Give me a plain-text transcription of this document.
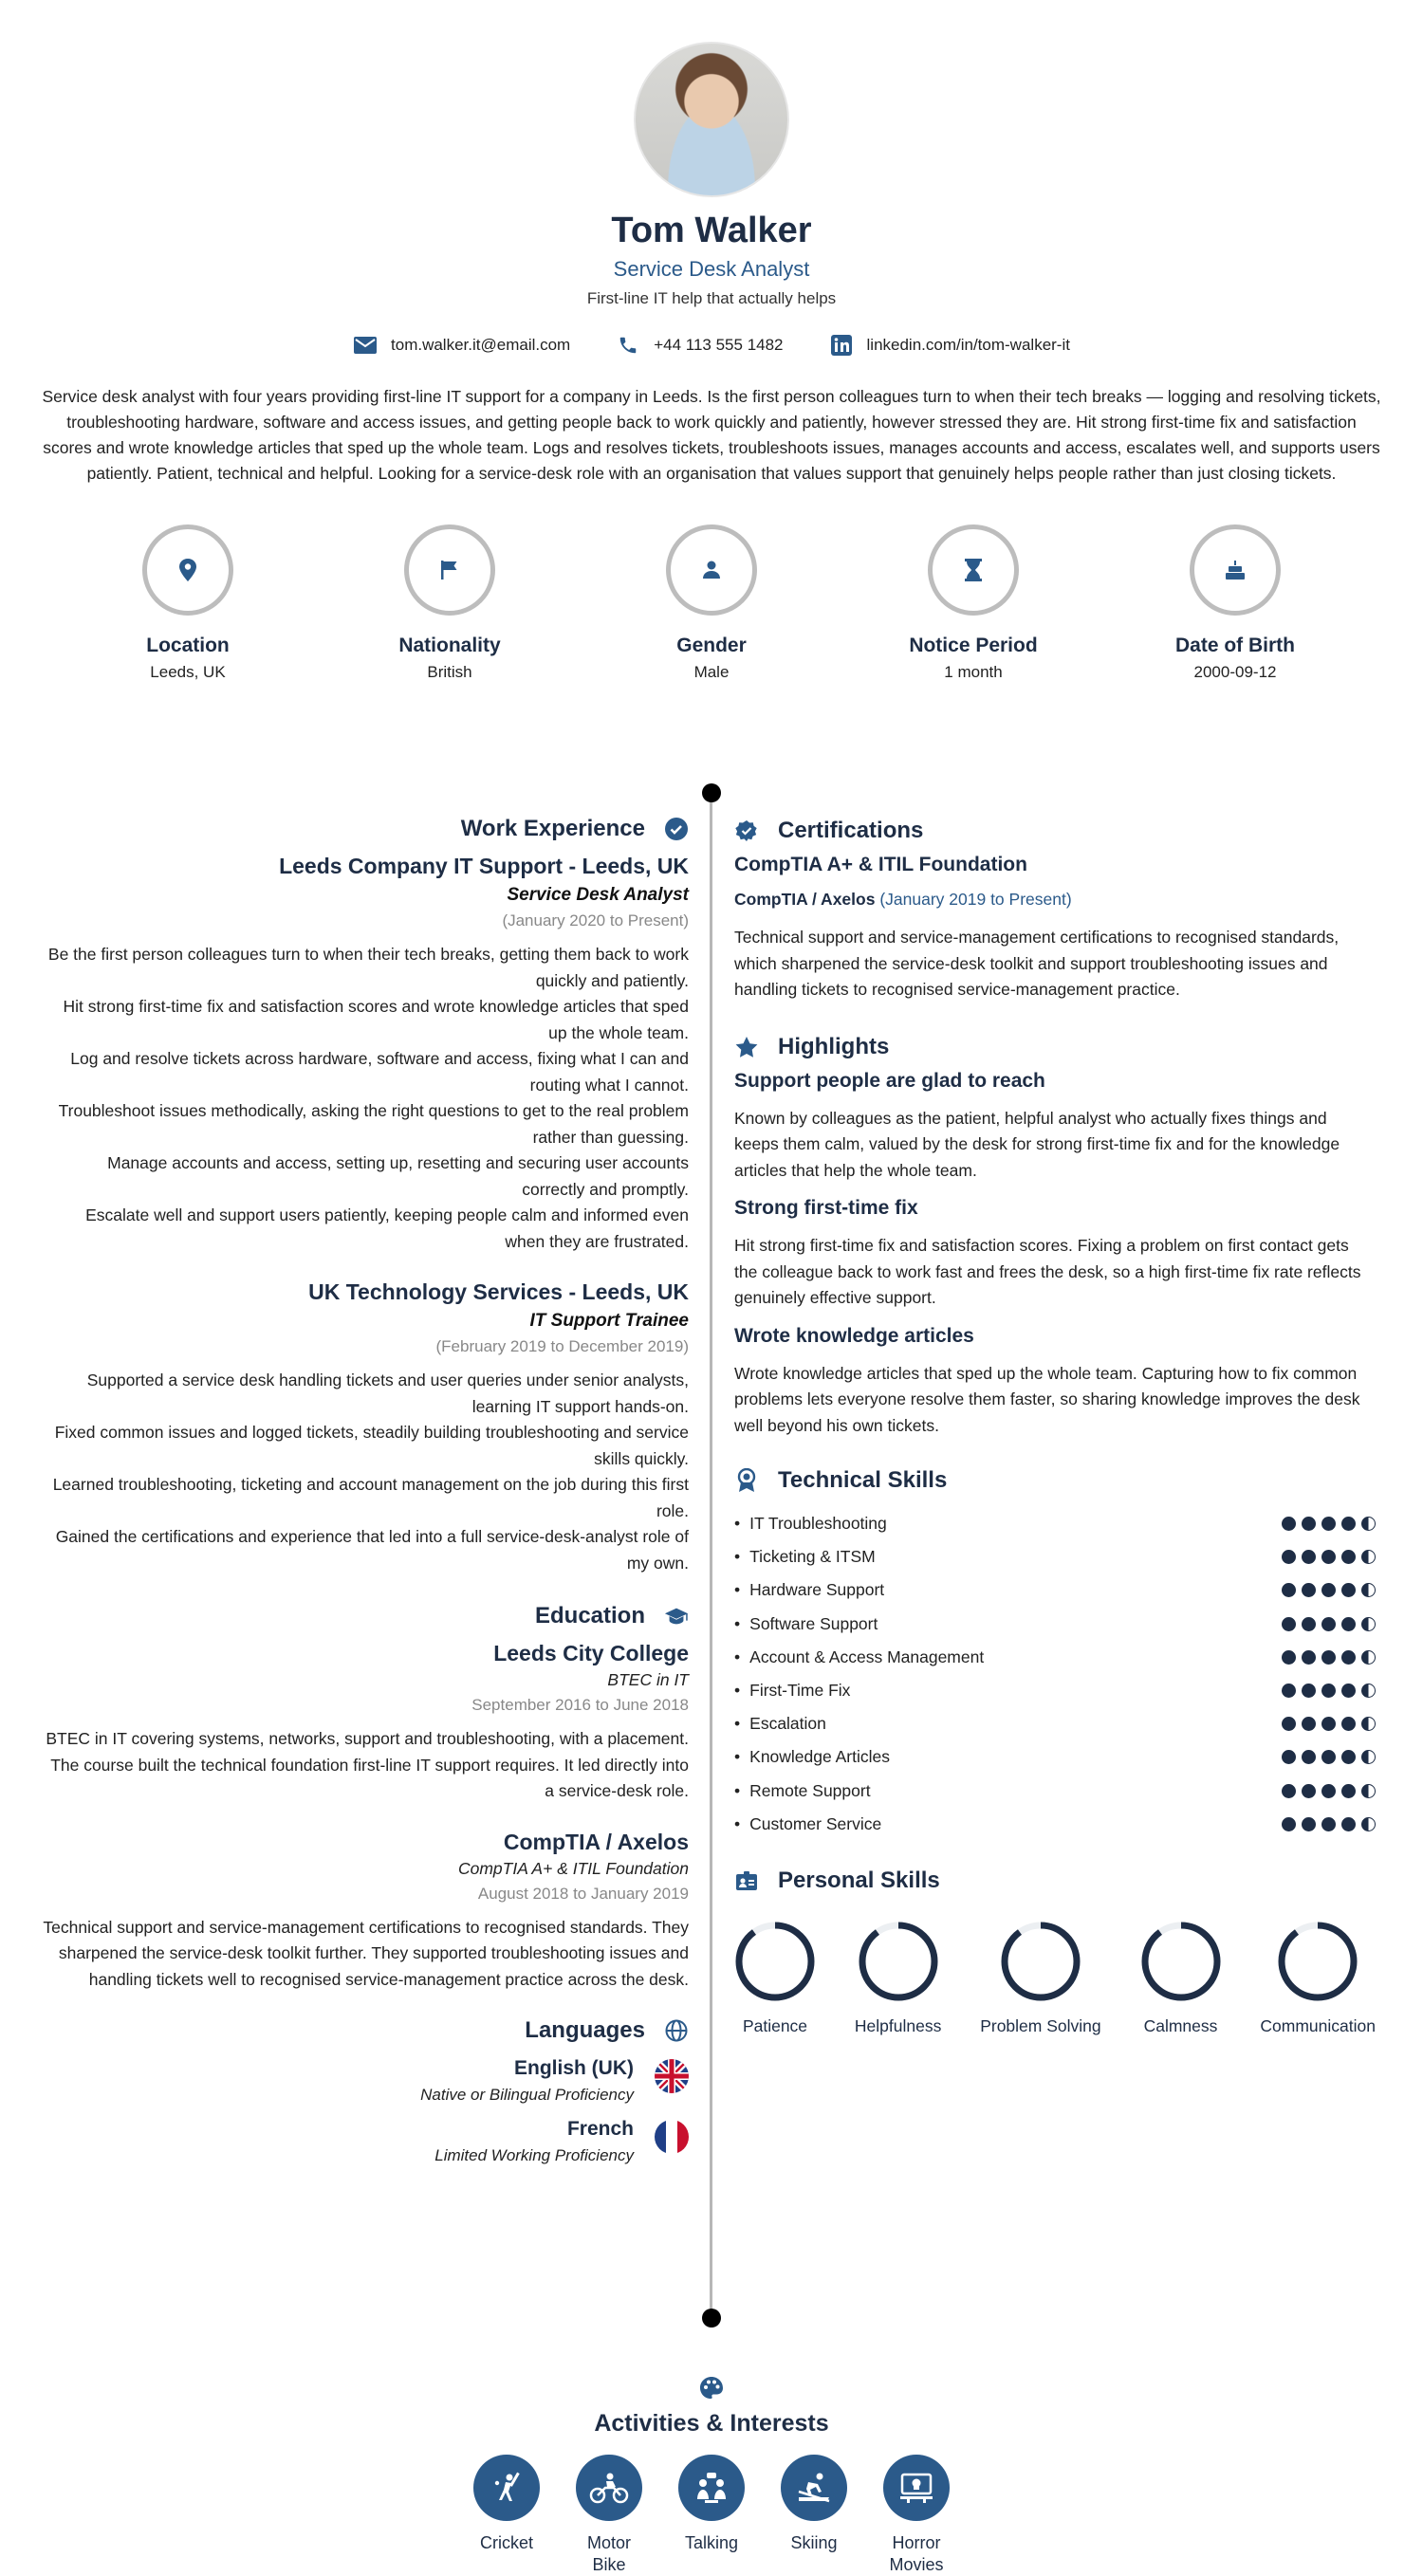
Tom Walker
Service Desk Analyst
First-line IT help that actually helps
tom.walker.it@email.com	+44 113 555 1482	linkedin.com/in/tom-walker-it
Service desk analyst with four years providing first-line IT support for a company in Leeds. Is the first person colleagues turn to when their tech breaks — logging and resolving tickets, troubleshooting hardware, software and access issues, and getting people back to work quickly and patiently, however stressed they are. Hit strong first-time fix and satisfaction scores and wrote knowledge articles that sped up the whole team. Logs and resolves tickets, troubleshoots issues, manages accounts and access, escalates well, and supports users patiently. Patient, technical and helpful. Looking for a service-desk role with an organisation that values support that genuinely helps people rather than just closing tickets.
Location
Leeds, UK
Nationality
British
Gender
Male
Notice Period
1 month
Date of Birth
2000-09-12
Work Experience
Leeds Company IT Support - Leeds, UK
Service Desk Analyst
(January 2020 to Present)
Be the first person colleagues turn to when their tech breaks, getting them back to work quickly and patiently.
Hit strong first-time fix and satisfaction scores and wrote knowledge articles that sped up the whole team.
Log and resolve tickets across hardware, software and access, fixing what I can and routing what I cannot.
Troubleshoot issues methodically, asking the right questions to get to the real problem rather than guessing.
Manage accounts and access, setting up, resetting and securing user accounts correctly and promptly.
Escalate well and support users patiently, keeping people calm and informed even when they are frustrated.
UK Technology Services - Leeds, UK
IT Support Trainee
(February 2019 to December 2019)
Supported a service desk handling tickets and user queries under senior analysts, learning IT support hands-on.
Fixed common issues and logged tickets, steadily building troubleshooting and service skills quickly.
Learned troubleshooting, ticketing and account management on the job during this first role.
Gained the certifications and experience that led into a full service-desk-analyst role of my own.
Education
Leeds City College
BTEC in IT
September 2016 to June 2018
BTEC in IT covering systems, networks, support and troubleshooting, with a placement. The course built the technical foundation first-line IT support requires. It led directly into a service-desk role.
CompTIA / Axelos
CompTIA A+ & ITIL Foundation
August 2018 to January 2019
Technical support and service-management certifications to recognised standards. They sharpened the service-desk toolkit further. They supported troubleshooting issues and handling tickets well to recognised service-management practice across the desk.
Languages
English (UK)
Native or Bilingual Proficiency
French
Limited Working Proficiency
Certifications
CompTIA A+ & ITIL Foundation
CompTIA / Axelos (January 2019 to Present)
Technical support and service-management certifications to recognised standards, which sharpened the service-desk toolkit and support troubleshooting issues and handling tickets to recognised service-management practice.
Highlights
Support people are glad to reach
Known by colleagues as the patient, helpful analyst who actually fixes things and keeps them calm, valued by the desk for strong first-time fix and for the knowledge articles that help the whole team.
Strong first-time fix
Hit strong first-time fix and satisfaction scores. Fixing a problem on first contact gets the colleague back to work fast and frees the desk, so a high first-time fix rate reflects genuinely effective support.
Wrote knowledge articles
Wrote knowledge articles that sped up the whole team. Capturing how to fix common problems lets everyone resolve them faster, so sharing knowledge improves the desk well beyond his own tickets.
Technical Skills
• IT Troubleshooting
• Ticketing & ITSM
• Hardware Support
• Software Support
• Account & Access Management
• First-Time Fix
• Escalation
• Knowledge Articles
• Remote Support
• Customer Service
Personal Skills
Patience	Helpfulness Problem Solving	Calmness	Communication
Activities & Interests
Cricket	Motor Bike
Talking	Skiing	Horror Movies
